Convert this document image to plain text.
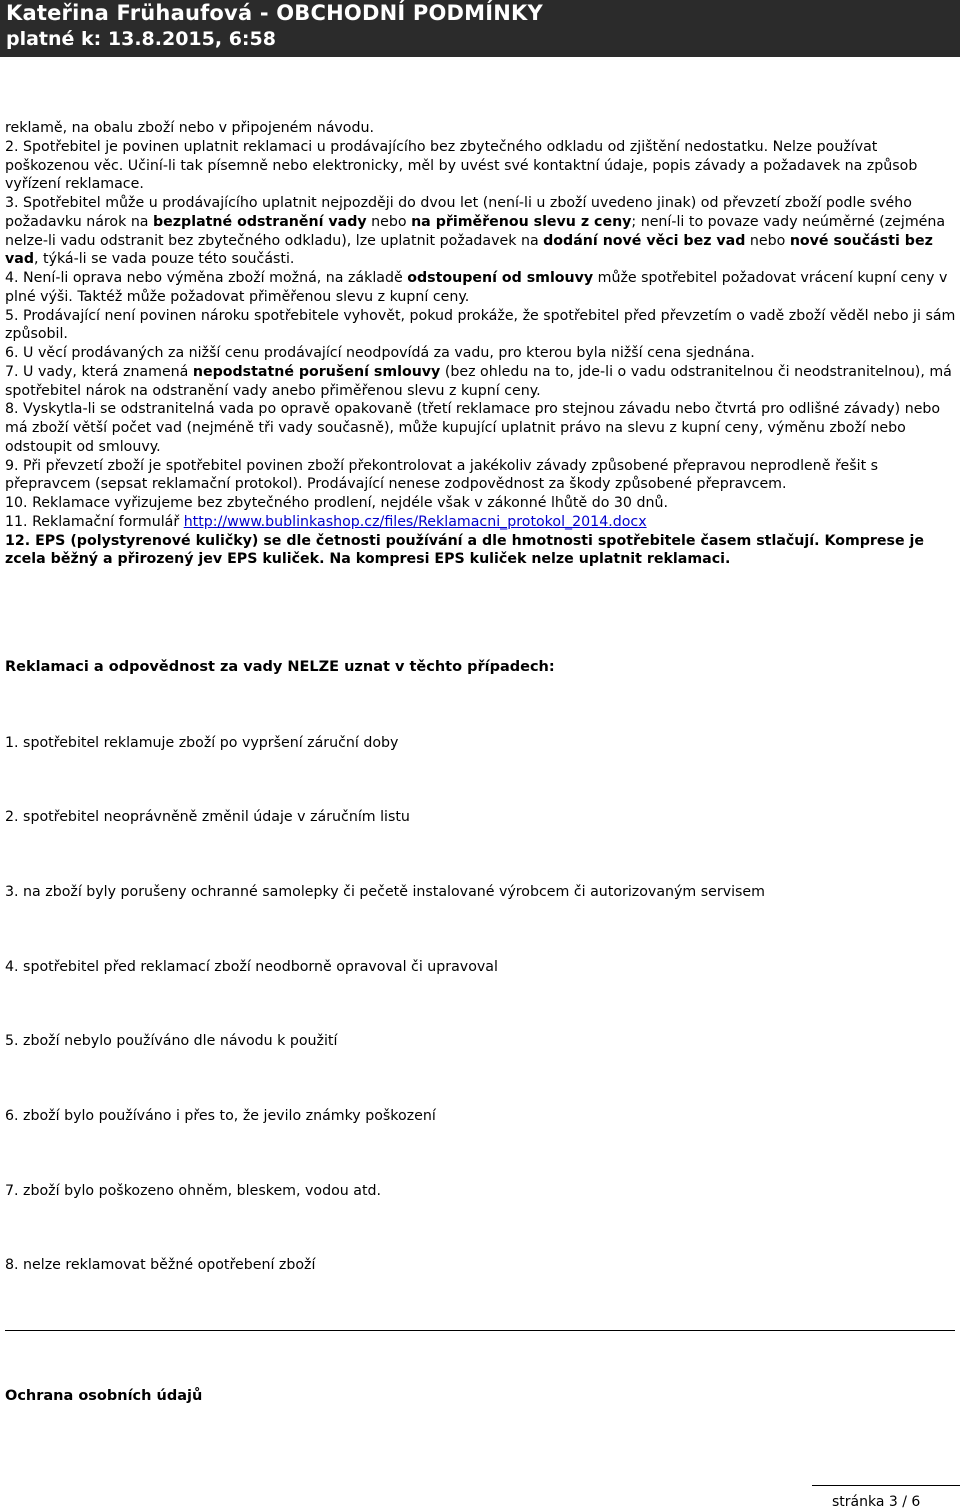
Kateřina Frühaufová - OBCHODNÍ PODMÍNKY
platné k: 13.8.2015, 6:58

reklamě, na obalu zboží nebo v připojeném návodu.

2. Spotřebitel je povinen uplatnit reklamaci u prodávajícího bez zbytečného odkladu od zjištění nedostatku. Nelze používat poškozenou věc. Učiní-li tak písemně nebo elektronicky, měl by uvést své kontaktní údaje, popis závady a požadavek na způsob vyřízení reklamace.

3. Spotřebitel může u prodávajícího uplatnit nejpozději do dvou let (není-li u zboží uvedeno jinak) od převzetí zboží podle svého požadavku nárok na bezplatné odstranění vady nebo na přiměřenou slevu z ceny; není-li to povaze vady neúměrné (zejména nelze-li vadu odstranit bez zbytečného odkladu), lze uplatnit požadavek na dodání nové věci bez vad nebo nové součásti bez vad, týká-li se vada pouze této součásti.

4. Není-li oprava nebo výměna zboží možná, na základě odstoupení od smlouvy může spotřebitel požadovat vrácení kupní ceny v plné výši. Taktéž může požadovat přiměřenou slevu z kupní ceny.

5. Prodávající není povinen nároku spotřebitele vyhovět, pokud prokáže, že spotřebitel před převzetím o vadě zboží věděl nebo ji sám způsobil.

6. U věcí prodávaných za nižší cenu prodávající neodpovídá za vadu, pro kterou byla nižší cena sjednána.

7. U vady, která znamená nepodstatné porušení smlouvy (bez ohledu na to, jde-li o vadu odstranitelnou či neodstranitelnou), má spotřebitel nárok na odstranění vady anebo přiměřenou slevu z kupní ceny.

8. Vyskytla-li se odstranitelná vada po opravě opakovaně (třetí reklamace pro stejnou závadu nebo čtvrtá pro odlišné závady) nebo má zboží větší počet vad (nejméně tři vady současně), může kupující uplatnit právo na slevu z kupní ceny, výměnu zboží nebo odstoupit od smlouvy.

9. Při převzetí zboží je spotřebitel povinen zboží překontrolovat a jakékoliv závady způsobené přepravou neprodleně řešit s přepravcem (sepsat reklamační protokol). Prodávající nenese zodpovědnost za škody způsobené přepravcem.

10. Reklamace vyřizujeme bez zbytečného prodlení, nejdéle však v zákonné lhůtě do 30 dnů.

11. Reklamační formulář http://www.bublinkashop.cz/files/Reklamacni_protokol_2014.docx

12. EPS (polystyrenové kuličky) se dle četnosti používání a dle hmotnosti spotřebitele časem stlačují. Komprese je zcela běžný a přirozený jev EPS kuliček. Na kompresi EPS kuliček nelze uplatnit reklamaci.

Reklamaci a odpovědnost za vady NELZE uznat v těchto případech:
1. spotřebitel reklamuje zboží po vypršení záruční doby
2. spotřebitel neoprávněně změnil údaje v záručním listu
3. na zboží byly porušeny ochranné samolepky či pečetě instalované výrobcem či autorizovaným servisem
4. spotřebitel před reklamací zboží neodborně opravoval či upravoval
5. zboží nebylo používáno dle návodu k použití
6. zboží bylo používáno i přes to, že jevilo známky poškození
7. zboží bylo poškozeno ohněm, bleskem, vodou atd.
8. nelze reklamovat běžné opotřebení zboží
Ochrana osobních údajů
stránka 3 / 6
